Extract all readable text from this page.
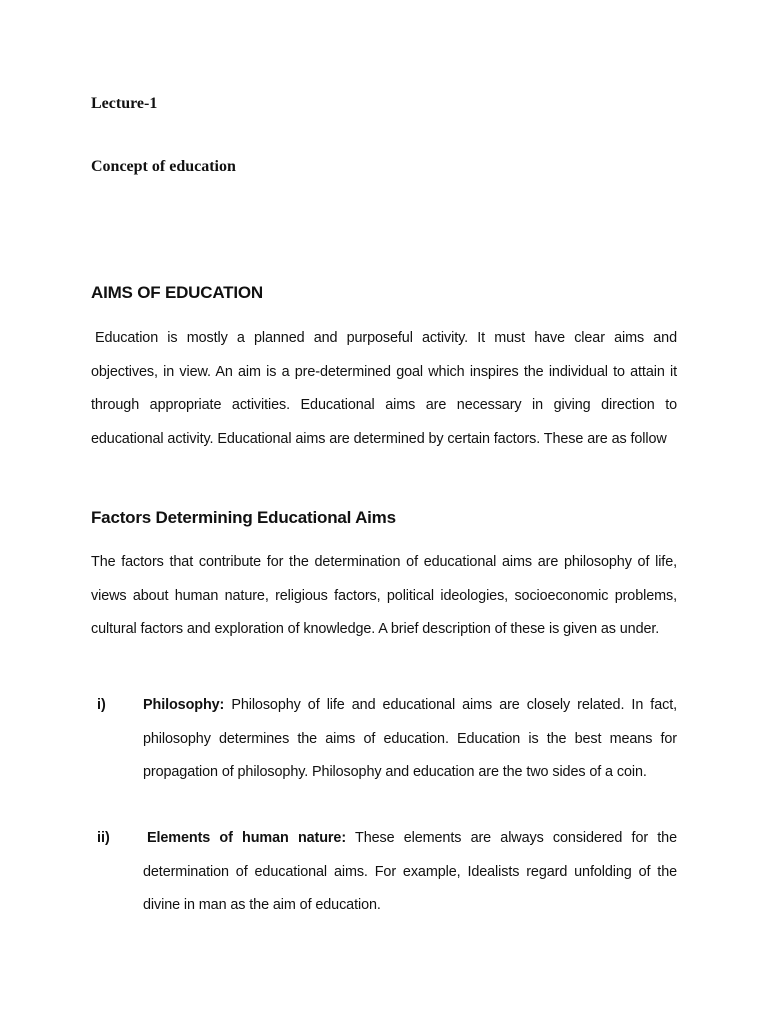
Lecture-1

Concept of education

AIMS OF EDUCATION

Education is mostly a planned and purposeful activity. It must have clear aims and objectives, in view. An aim is a pre-determined goal which inspires the individual to attain it through appropriate activities. Educational aims are necessary in giving direction to educational activity. Educational aims are determined by certain factors. These are as follow

Factors Determining Educational Aims

The factors that contribute for the determination of educational aims are philosophy of life, views about human nature, religious factors, political ideologies, socioeconomic problems, cultural factors and exploration of knowledge. A brief description of these is given as under.

i)	Philosophy: Philosophy of life and educational aims are closely related. In fact, philosophy determines the aims of education. Education is the best means for propagation of philosophy. Philosophy and education are the two sides of a coin.

ii)	Elements of human nature: These elements are always considered for the determination of educational aims. For example, Idealists regard unfolding of the divine in man as the aim of education.
